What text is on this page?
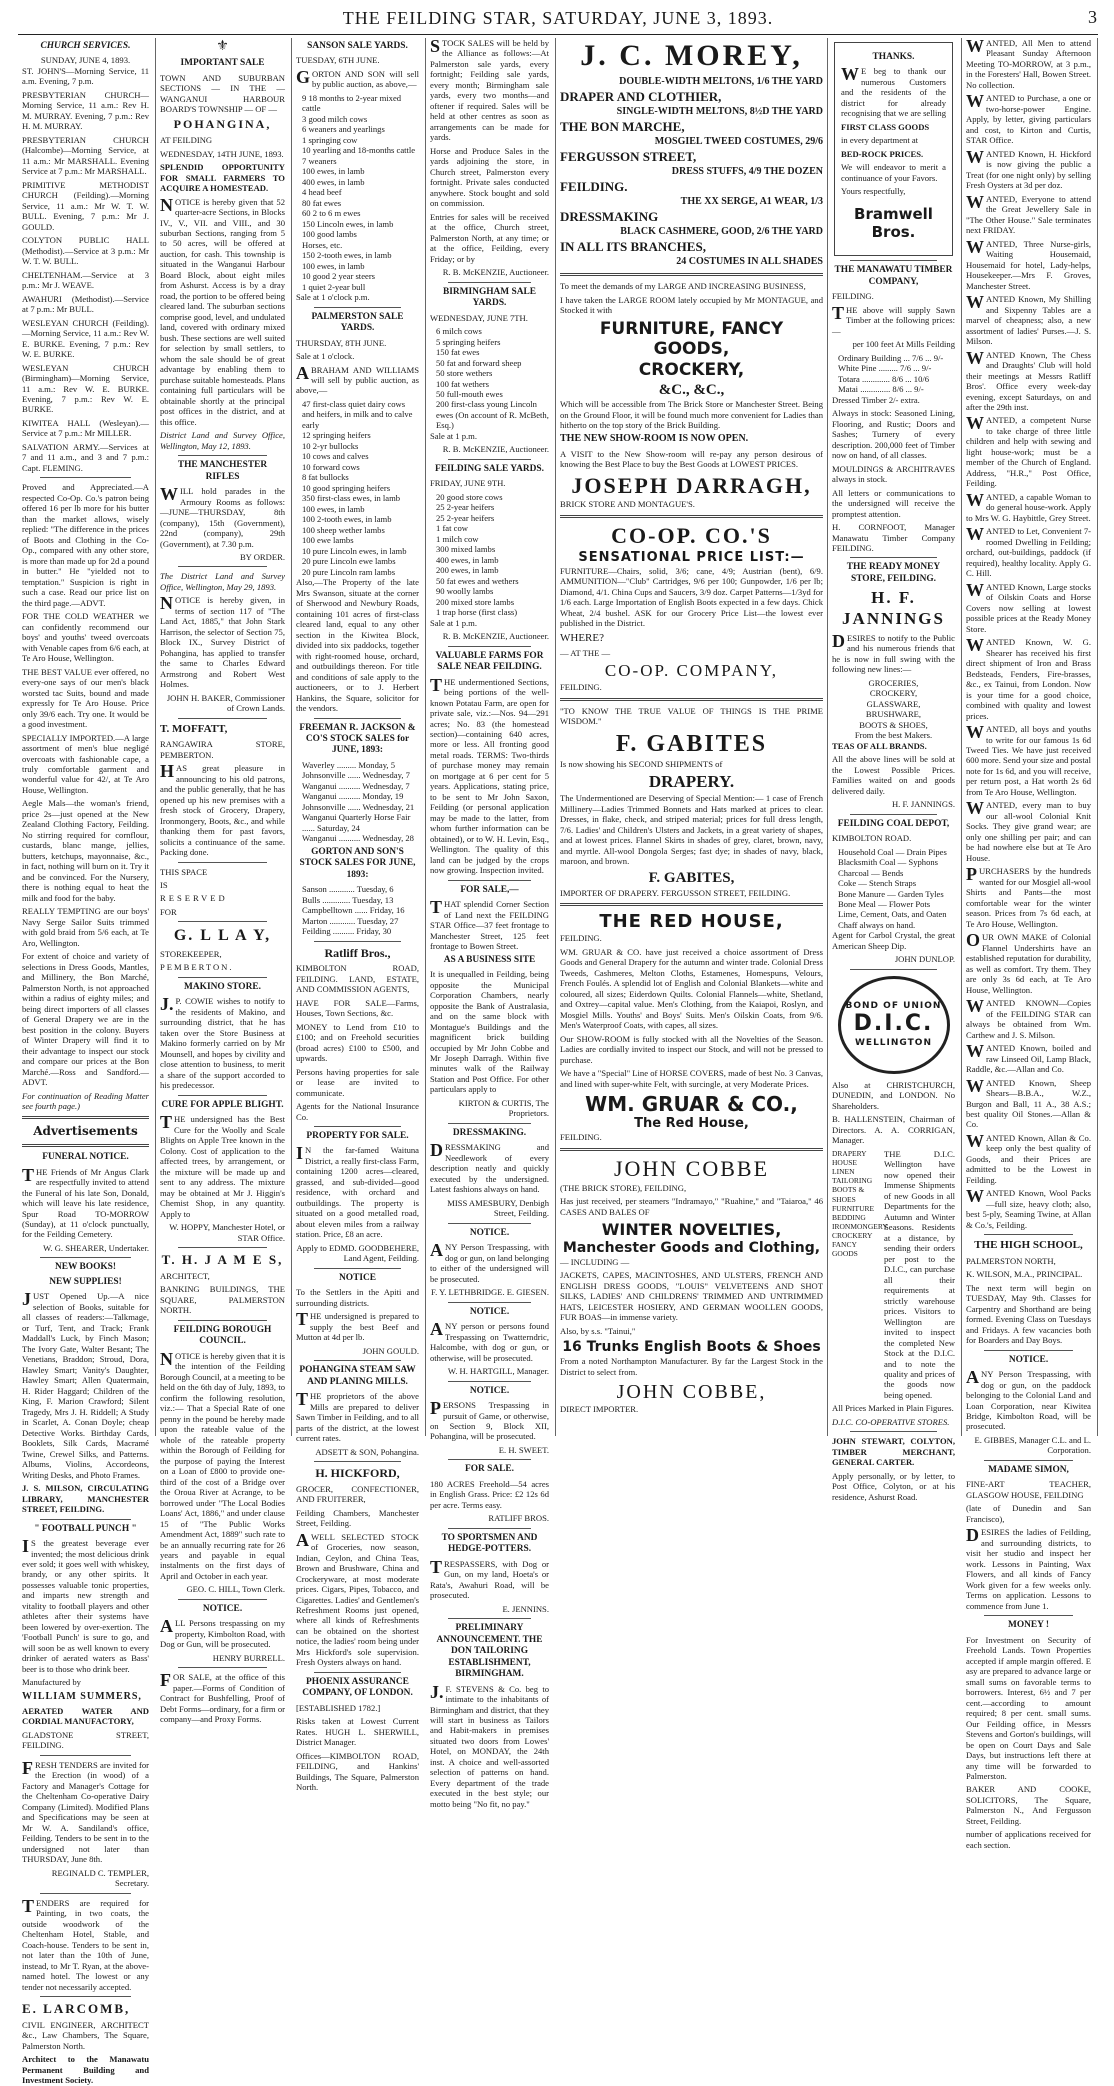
THE FEILDING STAR, SATURDAY, JUNE 3, 1893.	3
CHURCH SERVICES.
SUNDAY, JUNE 4, 1893.

ST. JOHN'S—Morning Service, 11 a.m. Evening, 7 p.m.

PRESBYTERIAN CHURCH—Morning Service, 11 a.m.: Rev H. M. MURRAY. Evening, 7 p.m.: Rev H. M. MURRAY.

PRESBYTERIAN CHURCH (Halcombe)—Morning Service, at 11 a.m.: Mr MARSHALL. Evening Service at 7 p.m.: Mr MARSHALL.

PRIMITIVE METHODIST CHURCH (Feilding).—Morning Service, 11 a.m.: Mr W. T. W. BULL. Evening, 7 p.m.: Mr J. GOULD.

COLYTON PUBLIC HALL (Methodist).—Service at 3 p.m.: Mr W. T. W. BULL.

CHELTENHAM.—Service at 3 p.m.: Mr J. WEAVE.

AWAHURI (Methodist).—Service at 7 p.m.: Mr BULL.

WESLEYAN CHURCH (Feilding).—Morning Service, 11 a.m.: Rev W. E. BURKE. Evening, 7 p.m.: Rev W. E. BURKE.

WESLEYAN CHURCH (Birmingham)—Morning Service, 11 a.m.: Rev W. E. BURKE. Evening, 7 p.m.: Rev W. E. BURKE.

KIWITEA HALL (Wesleyan).—Service at 7 p.m.: Mr MILLER.

SALVATION ARMY.—Services at 7 and 11 a.m., and 3 and 7 p.m.: Capt. FLEMING.

Proved and Appreciated.—A respected Co-Op. Co.'s patron being offered 16 per lb more for his butter than the market allows, wisely replied: "The difference in the prices of Boots and Clothing in the Co-Op., compared with any other store, is more than made up for 2d a pound in butter." He "yielded not to temptation." Suspicion is right in such a case. Read our price list on the third page.—ADVT.

FOR THE COLD WEATHER we can confidently recommend our boys' and youths' tweed overcoats with Venable capes from 6/6 each, at Te Aro House, Wellington.

THE BEST VALUE ever offered, no every-one says of our men's black worsted tac Suits, bound and made expressly for Te Aro House. Price only 39/6 each. Try one. It would be a good investment.

SPECIALLY IMPORTED.—A large assortment of men's blue negligé overcoats with fashionable cape, a truly comfortable garment and wonderful value for 42/, at Te Aro House, Wellington.

Aegle Mals—the woman's friend, price 2s—just opened at the New Zealand Clothing Factory, Feilding. No stirring required for cornflour, custards, blanc mange, jellies, butters, ketchups, mayonnaise, &c., in fact, nothing will burn on it. Try it and be convinced. For the Nursery, there is nothing equal to heat the milk and food for the baby.

REALLY TEMPTING are our boys' Navy Serge Sailor Suits trimmed with gold braid from 5/6 each, at Te Aro, Wellington.

For extent of choice and variety of selections in Dress Goods, Mantles, and Millinery, the Bon Marché, Palmerston North, is not approached within a radius of eighty miles; and being direct importers of all classes of General Drapery we are in the best position in the colony. Buyers of Winter Drapery will find it to their advantage to inspect our stock and compare our prices at the Bon Marché.—Ross and Sandford.—ADVT.

For continuation of Reading Matter see fourth page.)

Advertisements
FUNERAL NOTICE.

THE Friends of Mr Angus Clark are respectfully invited to attend the Funeral of his late Son, Donald, which will leave his late residence, Spur Road TO-MORROW (Sunday), at 11 o'clock punctually, for the Feilding Cemetery.

W. G. SHEARER, Undertaker.

NEW BOOKS!
NEW SUPPLIES!

JUST Opened Up.—A nice selection of Books, suitable for all classes of readers:—Talkmage, or Turf, Tent, and Track; Frank Maddall's Luck, by Finch Mason; The Ivory Gate, Walter Besant; The Venetians, Braddon; Stroud, Dora, Hawley Smart; Vanity's Daughter, Hawley Smart; Allen Quatermain, H. Rider Haggard; Children of the King, F. Marion Crawford; Silent Tragedy, Mrs J. H. Riddell; A Study in Scarlet, A. Conan Doyle; cheap Detective Works. Birthday Cards, Booklets, Silk Cards, Macramé Twine, Crewel Silks, and Patterns. Albums, Violins, Accordeons, Writing Desks, and Photo Frames.

J. S. MILSON, CIRCULATING LIBRARY, MANCHESTER STREET, FEILDING.

" FOOTBALL PUNCH "

IS the greatest beverage ever invented; the most delicious drink ever sold; it goes well with whiskey, brandy, or any other spirits. It possesses valuable tonic properties, and imparts new strength and vitality to football players and other athletes after their systems have been lowered by over-exertion. The 'Football Punch' is sure to go, and will soon be as well known to every drinker of aerated waters as Bass' beer is to those who drink beer.

Manufactured by

WILLIAM SUMMERS,

AERATED WATER AND CORDIAL MANUFACTORY,

GLADSTONE STREET, FEILDING.

FRESH TENDERS are invited for the Erection (in wood) of a Factory and Manager's Cottage for the Cheltenham Co-operative Dairy Company (Limited). Modified Plans and Specifications may be seen at Mr W. A. Sandiland's office, Feilding. Tenders to be sent in to the undersigned not later than THURSDAY, June 8th.

REGINALD C. TEMPLER, Secretary.

TENDERS are required for Painting, in two coats, the outside woodwork of the Cheltenham Hotel, Stable, and Coach-house. Tenders to be sent in, not later than the 10th of June, instead, to Mr T. Ryan, at the above-named hotel. The lowest or any tender not necessarily accepted.

E. LARCOMB,

CIVIL ENGINEER, ARCHITECT &c., Law Chambers, The Square, Palmerston North.

Architect to the Manawatu Permanent Building and Investment Society.

⚜
IMPORTANT SALE

TOWN AND SUBURBAN SECTIONS — IN THE — WANGANUI HARBOUR BOARD'S TOWNSHIP — OF —

POHANGINA,

AT FEILDING

WEDNESDAY, 14TH JUNE, 1893.

SPLENDID OPPORTUNITY FOR SMALL FARMERS TO ACQUIRE A HOMESTEAD.

NOTICE is hereby given that 52 quarter-acre Sections, in Blocks IV., V., VII. and VIII., and 30 suburban Sections, ranging from 5 to 50 acres, will be offered at auction, for cash. This township is situated in the Wanganui Harbour Board Block, about eight miles from Ashurst. Access is by a dray road, the portion to be offered being cleared land. The suburban sections comprise good, level, and undulated land, covered with ordinary mixed bush. These sections are well suited for selection by small settlers, to whom the sale should be of great advantage by enabling them to purchase suitable homesteads. Plans containing full particulars will be obtainable shortly at the principal post offices in the district, and at this office.

District Land and Survey Office, Wellington, May 12, 1893.

THE MANCHESTER RIFLES

WILL hold parades in the Armoury Rooms as follows:—JUNE—THURSDAY, 8th (company), 15th (Government), 22nd (company), 29th (Government), at 7.30 p.m.

BY ORDER.

The District Land and Survey Office, Wellington, May 29, 1893.

NOTICE is hereby given, in terms of section 117 of "The Land Act, 1885," that John Stark Harrison, the selector of Section 75, Block IX., Survey District of Pohangina, has applied to transfer the same to Charles Edward Armstrong and Robert West Holmes.

JOHN H. BAKER, Commissioner of Crown Lands.

T. MOFFATT,

RANGAWIRA STORE, PEMBERTON.

HAS great pleasure in announcing to his old patrons, and the public generally, that he has opened up his new premises with a fresh stock of Grocery, Drapery, Ironmongery, Boots, &c., and while thanking them for past favors, solicits a continuance of the same. Packing done.

THIS SPACE

IS

RESERVED

FOR

G. L L A Y,

STOREKEEPER,

PEMBERTON.

MAKINO STORE.

J.P. COWIE wishes to notify to the residents of Makino, and surrounding district, that he has taken over the Store Business at Makino formerly carried on by Mr Mounsell, and hopes by civility and close attention to business, to merit a share of the support accorded to his predecessor.

CURE FOR APPLE BLIGHT.

THE undersigned has the Best Cure for the Woolly and Scale Blights on Apple Tree known in the Colony. Cost of application to the affected trees, by arrangement, or the mixture will be made up and sent to any address. The mixture may be obtained at Mr J. Higgin's Chemist Shop, in any quantity. Apply to

W. HOPPY, Manchester Hotel, or STAR Office.

T. H. J A M E S,

ARCHITECT,

BANKING BUILDINGS, THE SQUARE, PALMERSTON NORTH.

FEILDING BOROUGH COUNCIL.

NOTICE is hereby given that it is the intention of the Feilding Borough Council, at a meeting to be held on the 6th day of July, 1893, to confirm the following resolution, viz.:— That a Special Rate of one penny in the pound be hereby made upon the rateable value of the whole of the rateable property within the Borough of Feilding for the purpose of paying the Interest on a Loan of £800 to provide one-third of the cost of a Bridge over the Oroua River at Acrange, to be borrowed under "The Local Bodies Loans' Act, 1886," and under clause 15 of "The Public Works Amendment Act, 1889" such rate to be an annually recurring rate for 26 years and payable in equal instalments on the first days of April and October in each year.

GEO. C. HILL, Town Clerk.

NOTICE.

ALL Persons trespassing on my property, Kimbolton Road, with Dog or Gun, will be prosecuted.

HENRY BURRELL.

FOR SALE, at the office of this paper.—Forms of Condition of Contract for Bushfelling, Proof of Debt Forms—ordinary, for a firm or company—and Proxy Forms.

SANSON SALE YARDS.

TUESDAY, 6TH JUNE.

GORTON AND SON will sell by public auction, as above,—

9 18 months to 2-year mixed cattle
3 good milch cows
6 weaners and yearlings
1 springing cow
10 yearling and 18-months cattle
7 weaners
100 ewes, in lamb
400 ewes, in lamb
4 head beef
80 fat ewes
60 2 to 6 m ewes
150 Lincoln ewes, in lamb
100 good lambs
Horses, etc.
150 2-tooth ewes, in lamb
100 ewes, in lamb
10 good 2 year steers
1 quiet 2-year bull

Sale at 1 o'clock p.m.

PALMERSTON SALE YARDS.

THURSDAY, 8TH JUNE.

Sale at 1 o'clock.

ABRAHAM AND WILLIAMS will sell by public auction, as above,—

47 first-class quiet dairy cows and heifers, in milk and to calve early
12 springing heifers
10 2-yr bullocks
10 cows and calves
10 forward cows
8 fat bullocks
10 good springing heifers
350 first-class ewes, in lamb
100 ewes, in lamb
100 2-tooth ewes, in lamb
100 sheep wether lambs
100 ewe lambs
10 pure Lincoln ewes, in lamb
20 pure Lincoln ewe lambs
20 pure Lincoln ram lambs

Also,—The Property of the late Mrs Swanson, situate at the corner of Sherwood and Newbury Roads, containing 101 acres of first-class cleared land, equal to any other section in the Kiwitea Block, divided into six paddocks, together with right-roomed house, orchard, and outbuildings thereon. For title and conditions of sale apply to the auctioneers, or to J. Herbert Hankins, the Square, solicitor for the vendors.

FREEMAN R. JACKSON & CO'S STOCK SALES for JUNE, 1893:
Waverley ......... Monday, 5
Johnsonville ...... Wednesday, 7
Wanganui .......... Wednesday, 7
Wanganui .......... Monday, 19
Johnsonville ...... Wednesday, 21
Wanganui Quarterly Horse Fair ...... Saturday, 24
Wanganui .......... Wednesday, 28
GORTON AND SON'S STOCK SALES FOR JUNE, 1893:
Sanson ............ Tuesday, 6
Bulls ............. Tuesday, 13
Campbelltown ...... Friday, 16
Marton ............ Tuesday, 27
Feilding .......... Friday, 30
Ratliff Bros.,

KIMBOLTON ROAD, FEILDING. LAND, ESTATE, AND COMMISSION AGENTS,

HAVE FOR SALE—Farms, Houses, Town Sections, &c.

MONEY to Lend from £10 to £100; and on Freehold securities (broad acres) £100 to £500, and upwards.

Persons having properties for sale or lease are invited to communicate.

Agents for the National Insurance Co.

PROPERTY FOR SALE.

IN the far-famed Waituna District, a really first-class Farm, containing 1200 acres—cleared, grassed, and sub-divided—good residence, with orchard and outbuildings. The property is situated on a good metalled road, about eleven miles from a railway station. Price, £8 an acre.

Apply to EDMD. GOODBEHERE, Land Agent, Feilding.

NOTICE

To the Settlers in the Apiti and surrounding districts.

THE undersigned is prepared to supply the best Beef and Mutton at 4d per lb.

JOHN GOULD.

POHANGINA STEAM SAW AND PLANING MILLS.

THE proprietors of the above Mills are prepared to deliver Sawn Timber in Feilding, and to all parts of the district, at the lowest current rates.

ADSETT & SON, Pohangina.

H. HICKFORD,

GROCER, CONFECTIONER, AND FRUITERER,

Feilding Chambers, Manchester Street, Feilding.

AWELL SELECTED STOCK of Groceries, now season, Indian, Ceylon, and China Teas, Brown and Brushware, China and Crockeryware, at most moderate prices. Cigars, Pipes, Tobacco, and Cigarettes. Ladies' and Gentlemen's Refreshment Rooms just opened, where all kinds of Refreshments can be obtained on the shortest notice, the ladies' room being under Mrs Hickford's sole supervision. Fresh Oysters always on hand.

PHOENIX ASSURANCE COMPANY, OF LONDON.

[ESTABLISHED 1782.]

Risks taken at Lowest Current Rates. HUGH L. SHERWILL, District Manager.

Offices—KIMBOLTON ROAD, FEILDING, and Hankins' Buildings, The Square, Palmerston North.

STOCK SALES will be held by the Alliance as follows:—At Palmerston sale yards, every fortnight; Feilding sale yards, every month; Birmingham sale yards, every two months—and oftener if required. Sales will be held at other centres as soon as arrangements can be made for yards.

Horse and Produce Sales in the yards adjoining the store, in Church street, Palmerston every fortnight. Private sales conducted anywhere. Stock bought and sold on commission.

Entries for sales will be received at the office, Church street, Palmerston North, at any time; or at the office, Feilding, every Friday; or by

R. B. McKENZIE, Auctioneer.

BIRMINGHAM SALE YARDS.

WEDNESDAY, JUNE 7TH.

6 milch cows
5 springing heifers
150 fat ewes
50 fat and forward sheep
50 store wethers
100 fat wethers
50 full-mouth ewes
200 first-class young Lincoln ewes (On account of R. McBeth, Esq.)

Sale at 1 p.m.

R. B. McKENZIE, Auctioneer.

FEILDING SALE YARDS.

FRIDAY, JUNE 9TH.

20 good store cows
25 2-year heifers
25 2-year heifers
1 fat cow
1 milch cow
300 mixed lambs
400 ewes, in lamb
200 ewes, in lamb
50 fat ewes and wethers
90 woolly lambs
200 mixed store lambs
1 trap horse (first class)

Sale at 1 p.m.

R. B. McKENZIE, Auctioneer.

VALUABLE FARMS FOR SALE NEAR FEILDING.

THE undermentioned Sections, being portions of the well-known Potatau Farm, are open for private sale, viz.:—Nos. 94—291 acres; No. 83 (the homestead section)—containing 640 acres, more or less. All fronting good metal roads. TERMS: Two-thirds of purchase money may remain on mortgage at 6 per cent for 5 years. Applications, stating price, to be sent to Mr John Saxon, Feilding (or personal application may be made to the latter, from whom further information can be obtained), or to W. H. Levin, Esq., Wellington. The quality of this land can be judged by the crops now growing. Inspection invited.

FOR SALE,—

THAT splendid Corner Section of Land next the FEILDING STAR Office—37 feet frontage to Manchester Street, 125 feet frontage to Bowen Street.

AS A BUSINESS SITE

It is unequalled in Feilding, being opposite the Municipal Corporation Chambers, nearly opposite the Bank of Australasia, and on the same block with Montague's Buildings and the magnificent brick building occupied by Mr John Cobbe and Mr Joseph Darragh. Within five minutes walk of the Railway Station and Post Office. For other particulars apply to

KIRTON & CURTIS, The Proprietors.

DRESSMAKING.

DRESSMAKING and Needlework of every description neatly and quickly executed by the undersigned. Latest fashions always on hand.

MISS AMESBURY, Denbigh Street, Feilding.

NOTICE.

ANY Person Trespassing, with dog or gun, on land belonging to either of the undersigned will be prosecuted.

F. Y. LETHBRIDGE. E. GIESEN.

NOTICE.

ANY person or persons found Trespassing on Twatterndric, Halcombe, with dog or gun, or otherwise, will be prosecuted.

W. H. HARTGILL, Manager.

NOTICE.

PERSONS Trespassing in pursuit of Game, or otherwise, on Section 9, Block XII, Pohangina, will be prosecuted.

E. H. SWEET.

FOR SALE.

180 ACRES Freehold—54 acres in English Grass. Price: £2 12s 6d per acre. Terms easy.

RATLIFF BROS.

TO SPORTSMEN AND HEDGE-POTTERS.

TRESPASSERS, with Dog or Gun, on my land, Hoeta's or Rata's, Awahuri Road, will be prosecuted.

E. JENNINS.

PRELIMINARY ANNOUNCEMENT. THE DON TAILORING ESTABLISHMENT, BIRMINGHAM.

J.F. STEVENS & Co. beg to intimate to the inhabitants of Birmingham and district, that they will start in business as Tailors and Habit-makers in premises situated two doors from Lowes' Hotel, on MONDAY, the 24th inst. A choice and well-assorted selection of patterns on hand. Every department of the trade executed in the best style; our motto being "No fit, no pay."

J. C. MOREY,
DOUBLE-WIDTH MELTONS, 1/6 THE YARD
DRAPER AND CLOTHIER,
SINGLE-WIDTH MELTONS, 8½D THE YARD
THE BON MARCHE,
MOSGIEL TWEED COSTUMES, 29/6
FERGUSSON STREET,
DRESS STUFFS, 4/9 THE DOZEN
FEILDING.
THE XX SERGE, A1 WEAR, 1/3
DRESSMAKING
BLACK CASHMERE, GOOD, 2/6 THE YARD
IN ALL ITS BRANCHES,
24 COSTUMES IN ALL SHADES

To meet the demands of my LARGE AND INCREASING BUSINESS,

I have taken the LARGE ROOM lately occupied by Mr MONTAGUE, and Stocked it with

FURNITURE, FANCY GOODS,
CROCKERY,
&C., &C.,

Which will be accessible from The Brick Store or Manchester Street. Being on the Ground Floor, it will be found much more convenient for Ladies than hitherto on the top story of the Brick Building.

THE NEW SHOW-ROOM IS NOW OPEN.

A VISIT to the New Show-room will re-pay any person desirous of knowing the Best Place to buy the Best Goods at LOWEST PRICES.

JOSEPH DARRAGH,

BRICK STORE AND MONTAGUE'S.

CO-OP. CO.'S
SENSATIONAL PRICE LIST:—

FURNITURE—Chairs, solid, 3/6; cane, 4/9; Austrian (bent), 6/9. AMMUNITION—"Club" Cartridges, 9/6 per 100; Gunpowder, 1/6 per lb; Diamond, 4/1. China Cups and Saucers, 3/9 doz. Carpet Patterns—1/3yd for 1/6 each. Large Importation of English Boots expected in a few days. Chick Wheat, 2/4 bushel. ASK for our Grocery Price List—the lowest ever published in the District.

WHERE?

— AT THE —

CO-OP. COMPANY,

FEILDING.

"TO KNOW THE TRUE VALUE OF THINGS IS THE PRIME WISDOM."

F. GABITES

Is now showing his SECOND SHIPMENTS of

DRAPERY.

The Undermentioned are Deserving of Special Mention:— 1 case of French Millinery—Ladies Trimmed Bonnets and Hats marked at prices to clear. Dresses, in flake, check, and striped material; prices for full dress length, 7/6. Ladies' and Children's Ulsters and Jackets, in a great variety of shapes, and at lowest prices. Flannel Skirts in shades of grey, claret, brown, navy, and myrtle. All-wool Dongola Serges; fast dye; in shades of navy, black, maroon, and brown.

F. GABITES,

IMPORTER OF DRAPERY. FERGUSSON STREET, FEILDING.

THE RED HOUSE,

FEILDING.

WM. GRUAR & CO. have just received a choice assortment of Dress Goods and General Drapery for the autumn and winter trade. Colonial Dress Tweeds, Cashmeres, Melton Cloths, Estamenes, Homespuns, Velours, French Foulés. A splendid lot of English and Colonial Blankets—white and coloured, all sizes; Eiderdown Quilts. Colonial Flannels—white, Shetland, and Oxtrey—capital value. Men's Clothing, from the Kaiapoi, Roslyn, and Mosgiel Mills. Youths' and Boys' Suits. Men's Oilskin Coats, from 9/6. Men's Waterproof Coats, with capes, all sizes.

Our SHOW-ROOM is fully stocked with all the Novelties of the Season. Ladies are cordially invited to inspect our Stock, and will not be pressed to purchase.

We have a "Special" Line of HORSE COVERS, made of best No. 3 Canvas, and lined with super-white Felt, with surcingle, at very Moderate Prices.

WM. GRUAR & CO.,
The Red House,

FEILDING.

JOHN COBBE

(THE BRICK STORE), FEILDING,

Has just received, per steamers "Indramayo," "Ruahine," and "Taiaroa," 46 CASES AND BALES OF

WINTER NOVELTIES,
Manchester Goods and Clothing,

— INCLUDING —

JACKETS, CAPES, MACINTOSHES, AND ULSTERS, FRENCH AND ENGLISH DRESS GOODS, "LOUIS" VELVETEENS AND SHOT SILKS, LADIES' AND CHILDRENS' TRIMMED AND UNTRIMMED HATS, LEICESTER HOSIERY, AND GERMAN WOOLLEN GOODS, FUR BOAS—in immense variety.

Also, by s.s. "Tainui,"

16 Trunks English Boots & Shoes

From a noted Northampton Manufacturer. By far the Largest Stock in the District to select from.

JOHN COBBE,

DIRECT IMPORTER.

THANKS.

WE beg to thank our numerous Customers and the residents of the district for already recognising that we are selling

FIRST CLASS GOODS

in every department at

BED-ROCK PRICES.

We will endeavor to merit a continuance of your Favors.

Yours respectfully,

Bramwell Bros.
THE MANAWATU TIMBER COMPANY,

FEILDING.

THE above will supply Sawn Timber at the following prices:—

per 100 feet At Mills Feilding

Ordinary Building ... 7/6 ... 9/-
White Pine ......... 7/6 ... 9/-
Totara ............. 8/6 ... 10/6
Matai .............. 8/6 ... 9/-

Dressed Timber 2/- extra.

Always in stock: Seasoned Lining, Flooring, and Rustic; Doors and Sashes; Turnery of every description. 200,000 feet of Timber now on hand, of all classes.

MOULDINGS & ARCHITRAVES always in stock.

All letters or communications to the undersigned will receive the promptest attention.

H. CORNFOOT, Manager Manawatu Timber Company FEILDING.

THE READY MONEY STORE, FEILDING.
H. F. JANNINGS

DESIRES to notify to the Public and his numerous friends that he is now in full swing with the following new lines:—

GROCERIES,
CROCKERY,
GLASSWARE,
BRUSHWARE,
BOOTS & SHOES,
From the best Makers.

TEAS OF ALL BRANDS.

All the above lines will be sold at the Lowest Possible Prices. Families waited on and goods delivered daily.

H. F. JANNINGS.

FEILDING COAL DEPOT,

KIMBOLTON ROAD.

Household Coal — Drain Pipes
Blacksmith Coal — Syphons
Charcoal — Bends
Coke — Stench Straps
Bone Manure — Garden Tyles
Bone Meal — Flower Pots
Lime, Cement, Oats, and Oaten Chaff always on hand.

Agent for Carbol Crystal, the great American Sheep Dip.

JOHN DUNLOP.

BOND OF UNION
D.I.C.
WELLINGTON

Also at CHRISTCHURCH, DUNEDIN, and LONDON. No Shareholders.

B. HALLENSTEIN, Chairman of Directors. A. A. CORRIGAN, Manager.

DRAPERY
HOUSE LINEN
TAILORING
BOOTS & SHOES
FURNITURE
BEDDING
IRONMONGERY
CROCKERY
FANCY GOODS

THE D.I.C. Wellington have now opened their Immense Shipments of new Goods in all Departments for the Autumn and Winter Seasons. Residents at a distance, by sending their orders per post to the D.I.C., can purchase all their requirements at strictly warehouse prices. Visitors to Wellington are invited to inspect the completed New Stock at the D.I.C. and to note the quality and prices of the goods now being opened.

All Prices Marked in Plain Figures.

D.I.C. CO-OPERATIVE STORES.

JOHN STEWART, COLYTON, TIMBER MERCHANT, GENERAL CARTER.

Apply personally, or by letter, to Post Office, Colyton, or at his residence, Ashurst Road.

WANTED, All Men to attend Pleasant Sunday Afternoon Meeting TO-MORROW, at 3 p.m., in the Foresters' Hall, Bowen Street. No collection.

WANTED to Purchase, a one or two-horse-power Engine. Apply, by letter, giving particulars and cost, to Kirton and Curtis, STAR Office.

WANTED Known, H. Hickford is now giving the public a Treat (for one night only) by selling Fresh Oysters at 3d per doz.

WANTED, Everyone to attend the Great Jewellery Sale in "The Other House." Sale terminates next FRIDAY.

WANTED, Three Nurse-girls, Waiting Housemaid, Housemaid for hotel, Lady-helps, Housekeeper.—Mrs F. Groves, Manchester Street.

WANTED Known, My Shilling and Sixpenny Tables are a marvel of cheapness; also, a new assortment of ladies' Purses.—J. S. Milson.

WANTED Known, The Chess and Draughts' Club will hold their meetings at Messrs Ratliff Bros'. Office every week-day evening, except Saturdays, on and after the 29th inst.

WANTED, a competent Nurse to take charge of three little children and help with sewing and light house-work; must be a member of the Church of England. Address, "H.R.," Post Office, Feilding.

WANTED, a capable Woman to do general house-work. Apply to Mrs W. G. Haybittle, Grey Street.

WANTED to Let, Convenient 7-roomed Dwelling in Feilding; orchard, out-buildings, paddock (if required), healthy locality. Apply G. C. Hill.

WANTED Known, Large stocks of Oilskin Coats and Horse Covers now selling at lowest possible prices at the Ready Money Store.

WANTED Known, W. G. Shearer has received his first direct shipment of Iron and Brass Bedsteads, Fenders, Fire-brasses, &c., ex Tainui, from London. Now is your time for a good choice, combined with quality and lowest prices.

WANTED, all boys and youths to write for our famous 1s 6d Tweed Ties. We have just received 600 more. Send your size and postal note for 1s 6d, and you will receive, per return post, a Hat worth 2s 6d from Te Aro House, Wellington.

WANTED, every man to buy our all-wool Colonial Knit Socks. They give grand wear; are only one shilling per pair; and can be had nowhere else but at Te Aro House.

PURCHASERS by the hundreds wanted for our Mosgiel all-wool Shirts and Pants—the most comfortable wear for the winter season. Prices from 7s 6d each, at Te Aro House, Wellington.

OUR OWN MAKE of Colonial Flannel Undershirts have an established reputation for durability, as well as comfort. Try them. They are only 3s 6d each, at Te Aro House, Wellington.

WANTED KNOWN—Copies of the FEILDING STAR can always be obtained from Wm. Carthew and J. S. Milson.

WANTED Known, boiled and raw Linseed Oil, Lamp Black, Raddle, &c.—Allan and Co.

WANTED Known, Sheep Shears—B.B.A., W.Z., Burgon and Ball, 11 A., 38 A.S.; best quality Oil Stones.—Allan & Co.

WANTED Known, Allan & Co. keep only the best quality of Goods, and their Prices are admitted to be the Lowest in Feilding.

WANTED Known, Wool Packs—full size, heavy cloth; also, best 5-ply, Seaming Twine, at Allan & Co.'s, Feilding.

THE HIGH SCHOOL,

PALMERSTON NORTH,

K. WILSON, M.A., PRINCIPAL.

The next term will begin on TUESDAY, May 9th. Classes for Carpentry and Shorthand are being formed. Evening Class on Tuesdays and Fridays. A few vacancies both for Boarders and Day Boys.

NOTICE.

ANY Person Trespassing, with dog or gun, on the paddock belonging to the Colonial Land and Loan Corporation, near Kiwitea Bridge, Kimbolton Road, will be prosecuted.

E. GIBBES, Manager C.L. and L. Corporation.

MADAME SIMON,

FINE-ART TEACHER, GLASGOW HOUSE, FEILDING

(late of Dunedin and San Francisco),

DESIRES the ladies of Feilding, and surrounding districts, to visit her studio and inspect her work. Lessons in Painting, Wax Flowers, and all kinds of Fancy Work given for a few weeks only. Terms on application. Lessons to commence from June 1.

MONEY !

For Investment on Security of Freehold Lands. Town Properties accepted if ample margin offered. E asy are prepared to advance large or small sums on favorable terms to borrowers. Interest, 6½ and 7 per cent.—according to amount required; 8 per cent. small sums. Our Feilding office, in Messrs Stevens and Gorton's buildings, will be open on Court Days and Sale Days, but instructions left there at any time will be forwarded to Palmerston.

BAKER AND COOKE, SOLICITORS, The Square, Palmerston N., And Fergusson Street, Feilding.

number of applications received for each section.
